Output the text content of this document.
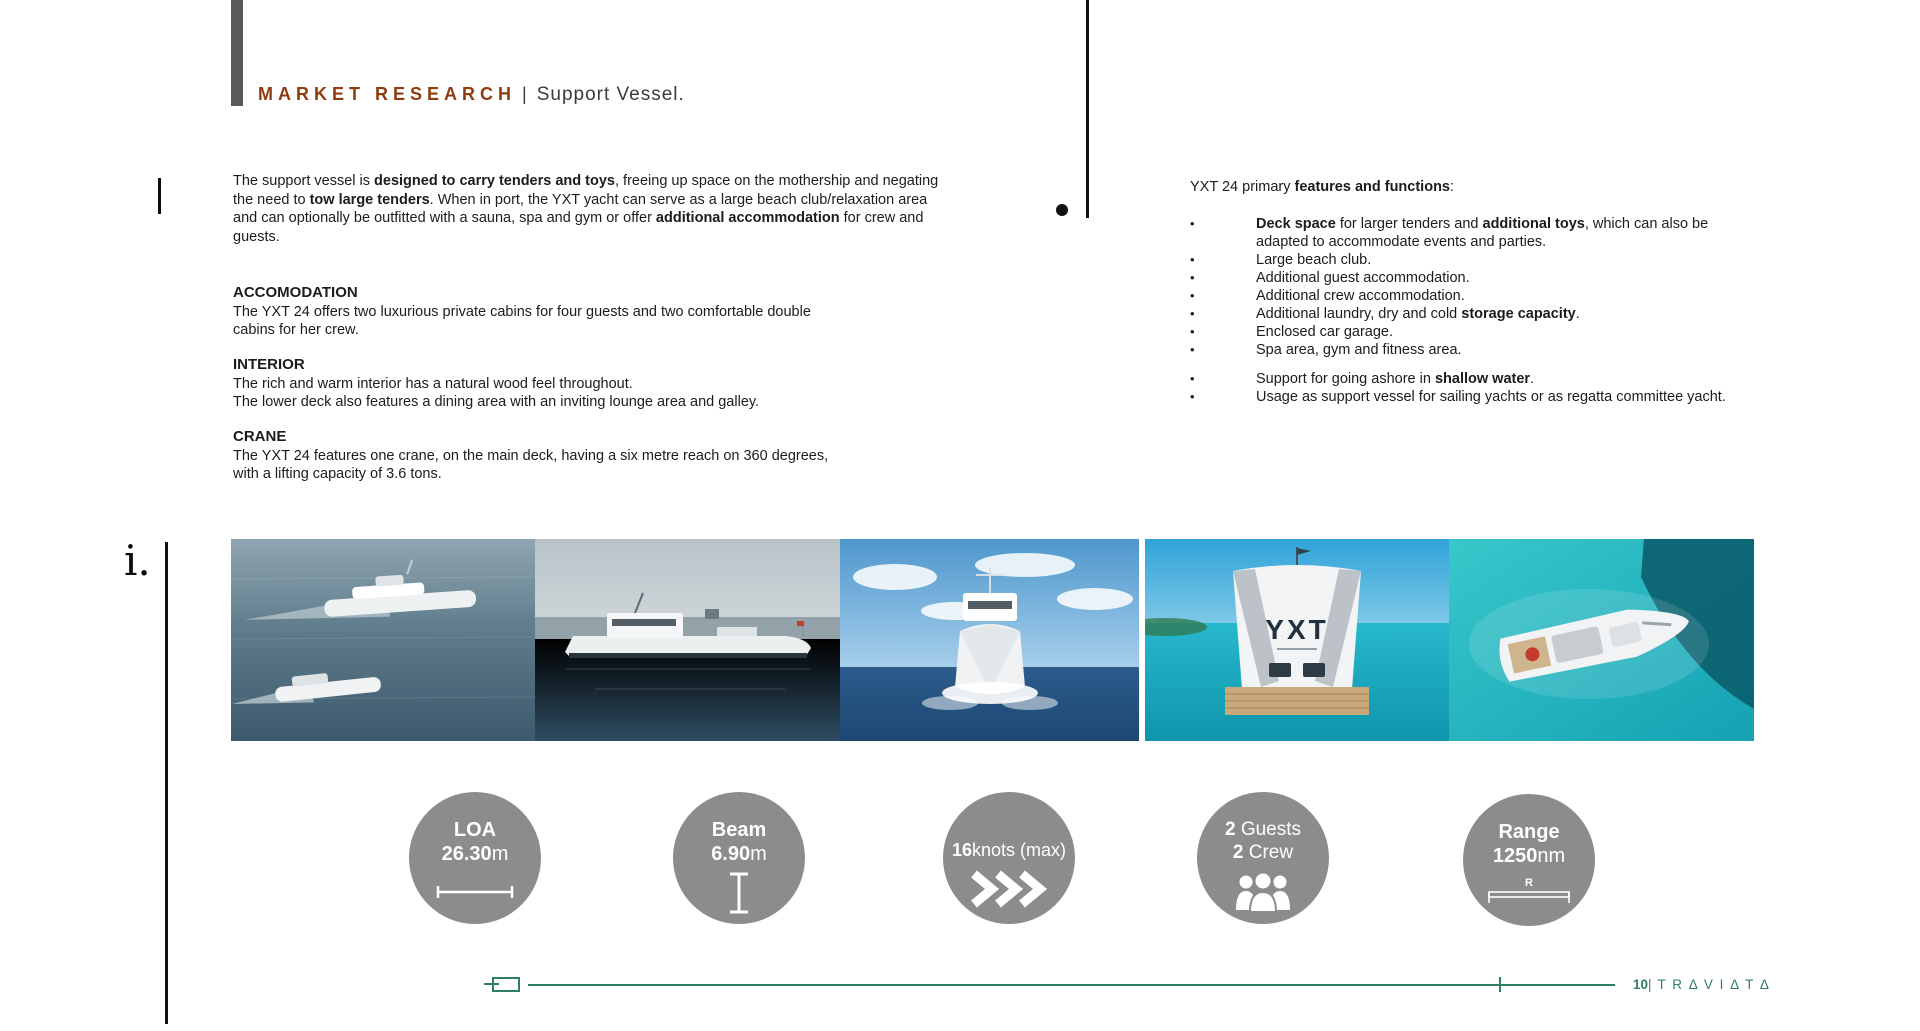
MARKET RESEARCH | Support Vessel.
i.

The support vessel is designed to carry tenders and toys, freeing up space on the mothership and negating the need to tow large tenders. When in port, the YXT yacht can serve as a large beach club/relaxation area and can optionally be outfitted with a sauna, spa and gym or offer additional accommodation for crew and guests.

ACCOMODATION
The YXT 24 offers two luxurious private cabins for four guests and two comfortable double
cabins for her crew.
INTERIOR
The rich and warm interior has a natural wood feel throughout.
The lower deck also features a dining area with an inviting lounge area and galley.
CRANE
The YXT 24 features one crane, on the main deck, having a six metre reach on 360 degrees,
with a lifting capacity of 3.6 tons.
YXT 24 primary features and functions:
•	Deck space for larger tenders and additional toys, which can also be adapted to accommodate events and parties.
•	Large beach club.
•	Additional guest accommodation.
•	Additional crew accommodation.
•	Additional laundry, dry and cold storage capacity.
•	Enclosed car garage.
•	Spa area, gym and fitness area.
•	Support for going ashore in shallow water.
•	Usage as support vessel for sailing yachts or as regatta committee yacht.
YXT
LOA
26.30m
Beam
6.90m	16knots (max)
2 Guests
2 Crew
Range
1250nm
R
10| T R Δ V I Δ T Δ
